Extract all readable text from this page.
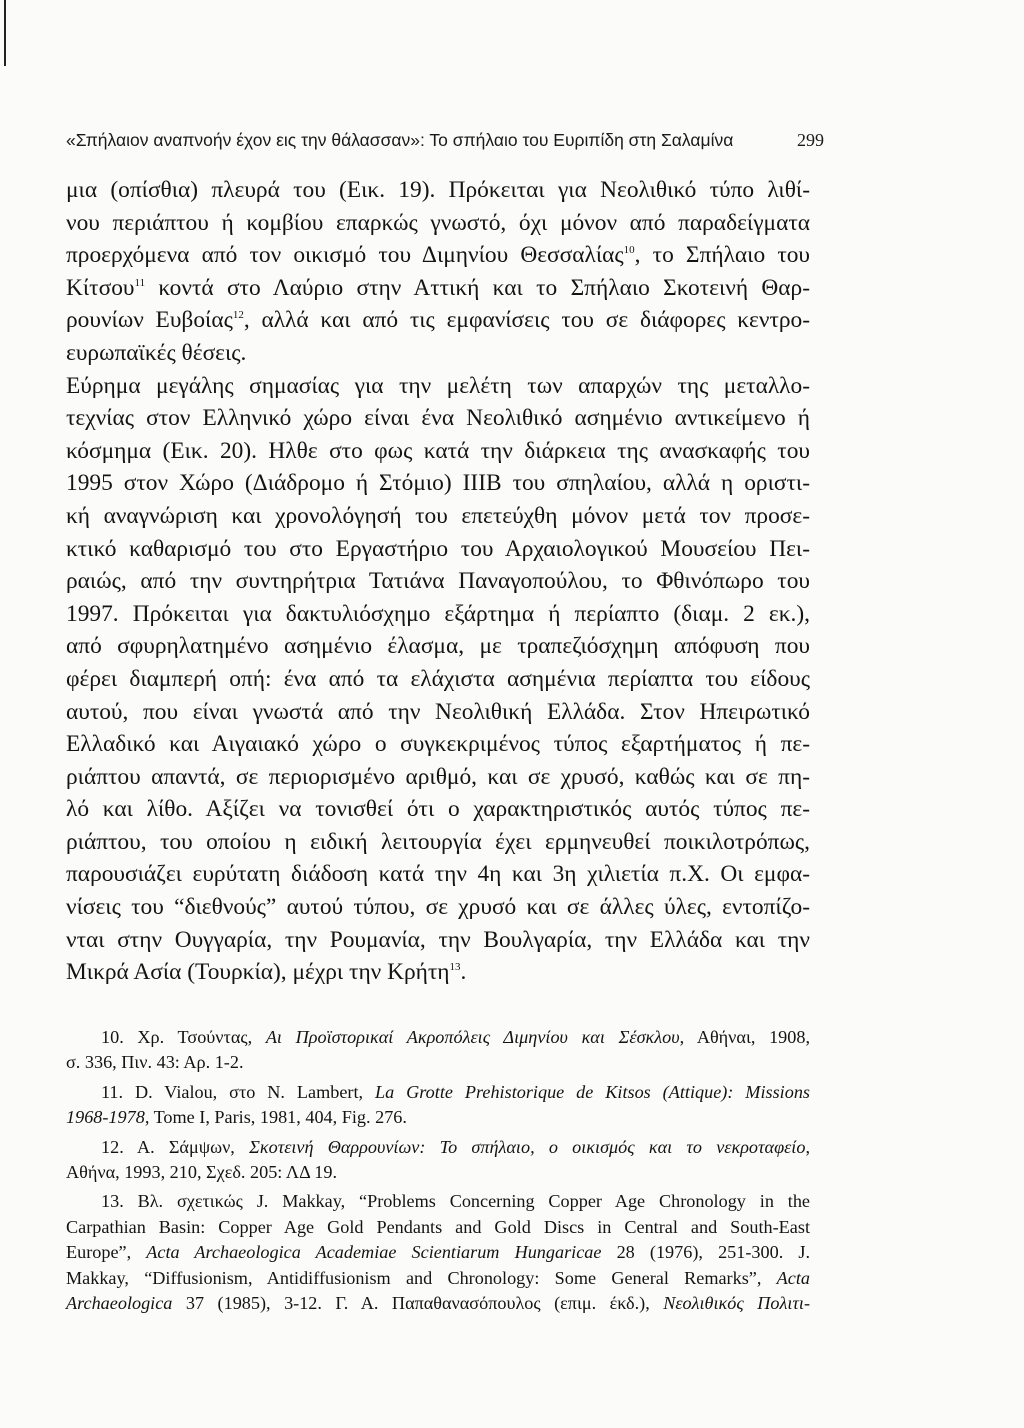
«Σπήλαιον αναπνοήν έχον εις την θάλασσαν»: Το σπήλαιο του Ευριπίδη στη Σαλαμίνα	299

μια (οπίσθια) πλευρά του (Εικ. 19). Πρόκειται για Νεολιθικό τύπο λιθί-
νου περιάπτου ή κομβίου επαρκώς γνωστό, όχι μόνον από παραδείγματα
προερχόμενα από τον οικισμό του Διμηνίου Θεσσαλίας$^{10}$, το Σπήλαιο του
Κίτσου$^{11}$ κοντά στο Λαύριο στην Αττική και το Σπήλαιο Σκοτεινή Θαρ-
ρουνίων Ευβοίας$^{12}$, αλλά και από τις εμφανίσεις του σε διάφορες κεντρο-
ευρωπαϊκές θέσεις.

Εύρημα μεγάλης σημασίας για την μελέτη των απαρχών της μεταλλο-
τεχνίας στον Ελληνικό χώρο είναι ένα Νεολιθικό ασημένιο αντικείμενο ή
κόσμημα (Εικ. 20). Ηλθε στο φως κατά την διάρκεια της ανασκαφής του
1995 στον Χώρο (Διάδρομο ή Στόμιο) ΙΙΙΒ του σπηλαίου, αλλά η οριστι-
κή αναγνώριση και χρονολόγησή του επετεύχθη μόνον μετά τον προσε-
κτικό καθαρισμό του στο Εργαστήριο του Αρχαιολογικού Μουσείου Πει-
ραιώς, από την συντηρήτρια Τατιάνα Παναγοπούλου, το Φθινόπωρο του
1997. Πρόκειται για δακτυλιόσχημο εξάρτημα ή περίαπτο (διαμ. 2 εκ.),
από σφυρηλατημένο ασημένιο έλασμα, με τραπεζιόσχημη απόφυση που
φέρει διαμπερή οπή: ένα από τα ελάχιστα ασημένια περίαπτα του είδους
αυτού, που είναι γνωστά από την Νεολιθική Ελλάδα. Στον Ηπειρωτικό
Ελλαδικό και Αιγαιακό χώρο ο συγκεκριμένος τύπος εξαρτήματος ή πε-
ριάπτου απαντά, σε περιορισμένο αριθμό, και σε χρυσό, καθώς και σε πη-
λό και λίθο. Αξίζει να τονισθεί ότι ο χαρακτηριστικός αυτός τύπος πε-
ριάπτου, του οποίου η ειδική λειτουργία έχει ερμηνευθεί ποικιλοτρόπως,
παρουσιάζει ευρύτατη διάδοση κατά την 4η και 3η χιλιετία π.Χ. Οι εμφα-
νίσεις του “διεθνούς” αυτού τύπου, σε χρυσό και σε άλλες ύλες, εντοπίζο-
νται στην Ουγγαρία, την Ρουμανία, την Βουλγαρία, την Ελλάδα και την
Μικρά Ασία (Τουρκία), μέχρι την Κρήτη$^{13}$.

10. Χρ. Τσούντας, Αι Προϊστορικαί Ακροπόλεις Διμηνίου και Σέσκλου, Αθήναι, 1908,
σ. 336, Πιν. 43: Αρ. 1-2.
11. D. Vialou, στο N. Lambert, La Grotte Prehistorique de Kitsos (Attique): Missions
1968-1978, Tome I, Paris, 1981, 404, Fig. 276.
12. Α. Σάμψων, Σκοτεινή Θαρρουνίων: Το σπήλαιο, ο οικισμός και το νεκροταφείο,
Αθήνα, 1993, 210, Σχεδ. 205: ΛΔ 19.
13. Βλ. σχετικώς J. Makkay, “Problems Concerning Copper Age Chronology in the
Carpathian Basin: Copper Age Gold Pendants and Gold Discs in Central and South-East
Europe”, Acta Archaeologica Academiae Scientiarum Hungaricae 28 (1976), 251-300. J.
Makkay, “Diffusionism, Antidiffusionism and Chronology: Some General Remarks”, Acta
Archaeologica 37 (1985), 3-12. Γ. Α. Παπαθανασόπουλος (επιμ. έκδ.), Νεολιθικός Πολιτι-
